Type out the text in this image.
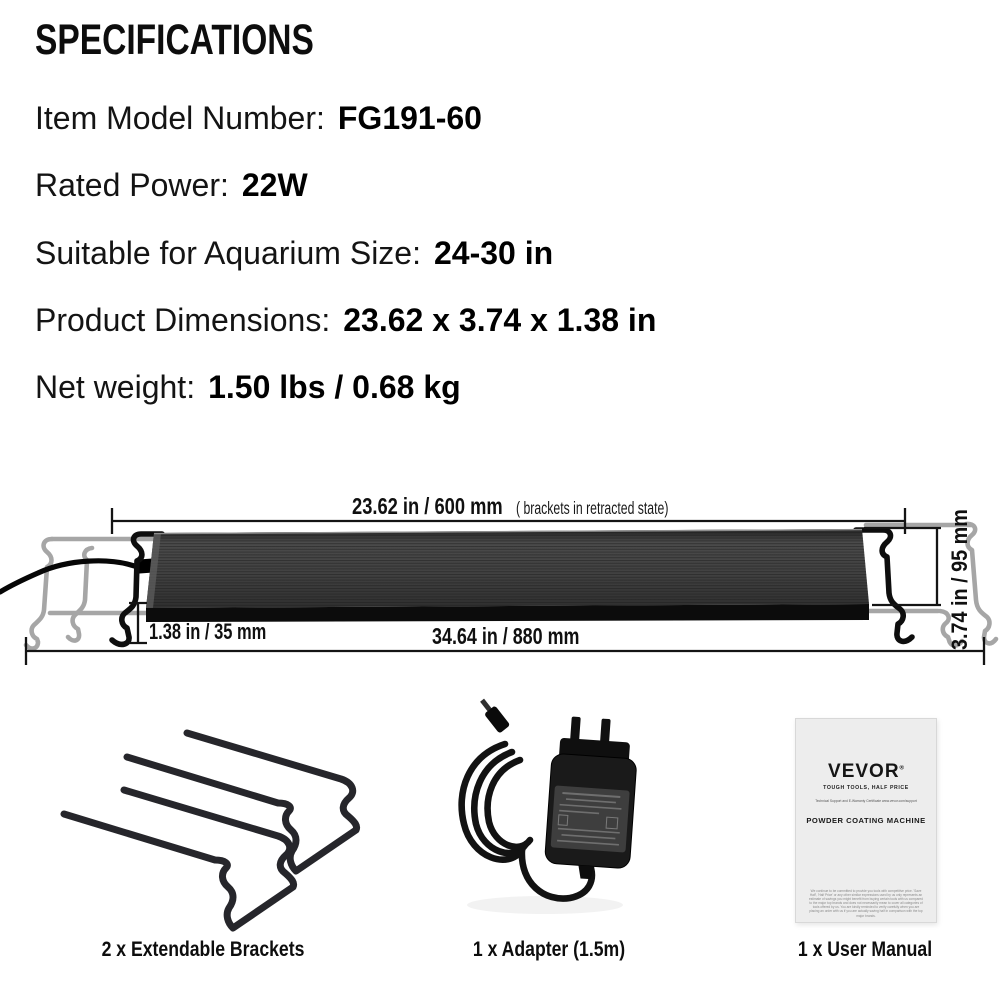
SPECIFICATIONS
Item Model Number: FG191-60
Rated Power: 22W
Suitable for Aquarium Size: 24-30 in
Product Dimensions: 23.62 x 3.74 x 1.38 in
Net weight: 1.50 lbs / 0.68 kg
23.62 in / 600 mm ( brackets in retracted state)
1.38 in / 35 mm	34.64 in / 880 mm	3.74 in / 95 mm
VEVOR®
TOUGH TOOLS, HALF PRICE
Technical Support and E-Warranty Certificate www.vevor.com/support
POWDER COATING MACHINE
We continue to be committed to provide you tools with competitive price. 'Save Half', 'Half Price' or any other similar expressions used by us only represents an estimate of savings you might benefit from buying certain tools with us compared to the major top brands and does not necessarily mean to cover all categories of tools offered by us. You are kindly reminded to verify carefully when you are placing an order with us if you are actually saving half in comparison with the top major brands.
2 x Extendable Brackets	1 x Adapter (1.5m)	1 x User Manual
